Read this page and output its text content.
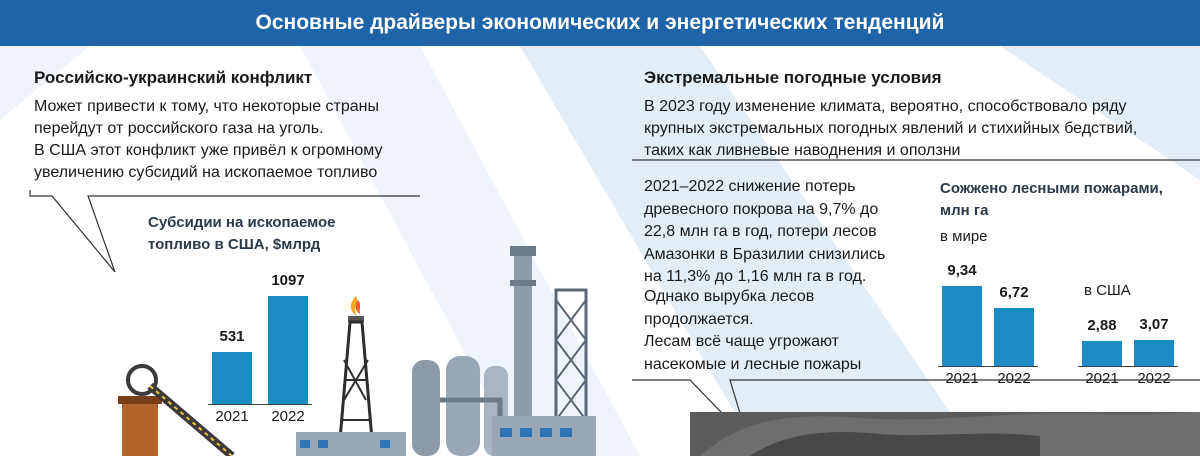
Основные драйверы экономических и энергетических тенденций
Российско-украинский конфликт
Может привести к тому, что некоторые страны
перейдут от российского газа на уголь.
В США этот конфликт уже привёл к огромному
увеличению субсидий на ископаемое топливо
Субсидии на ископаемое
топливо в США, $млрд
531
2021
1097
2022
Экстремальные погодные условия
В 2023 году изменение климата, вероятно, способствовало ряду
крупных экстремальных погодных явлений и стихийных бедствий,
таких как ливневые наводнения и оползни
2021–2022 снижение потерь
древесного покрова на 9,7% до
22,8 млн га в год, потери лесов
Амазонки в Бразилии снизились
на 11,3% до 1,16 млн га в год.
Однако вырубка лесов
продолжается.
Лесам всё чаще угрожают
насекомые и лесные пожары
Сожжено лесными пожарами,
млн га
в мире
в США
9,34
2021
6,72
2022
2,88
2021
3,07
2022
